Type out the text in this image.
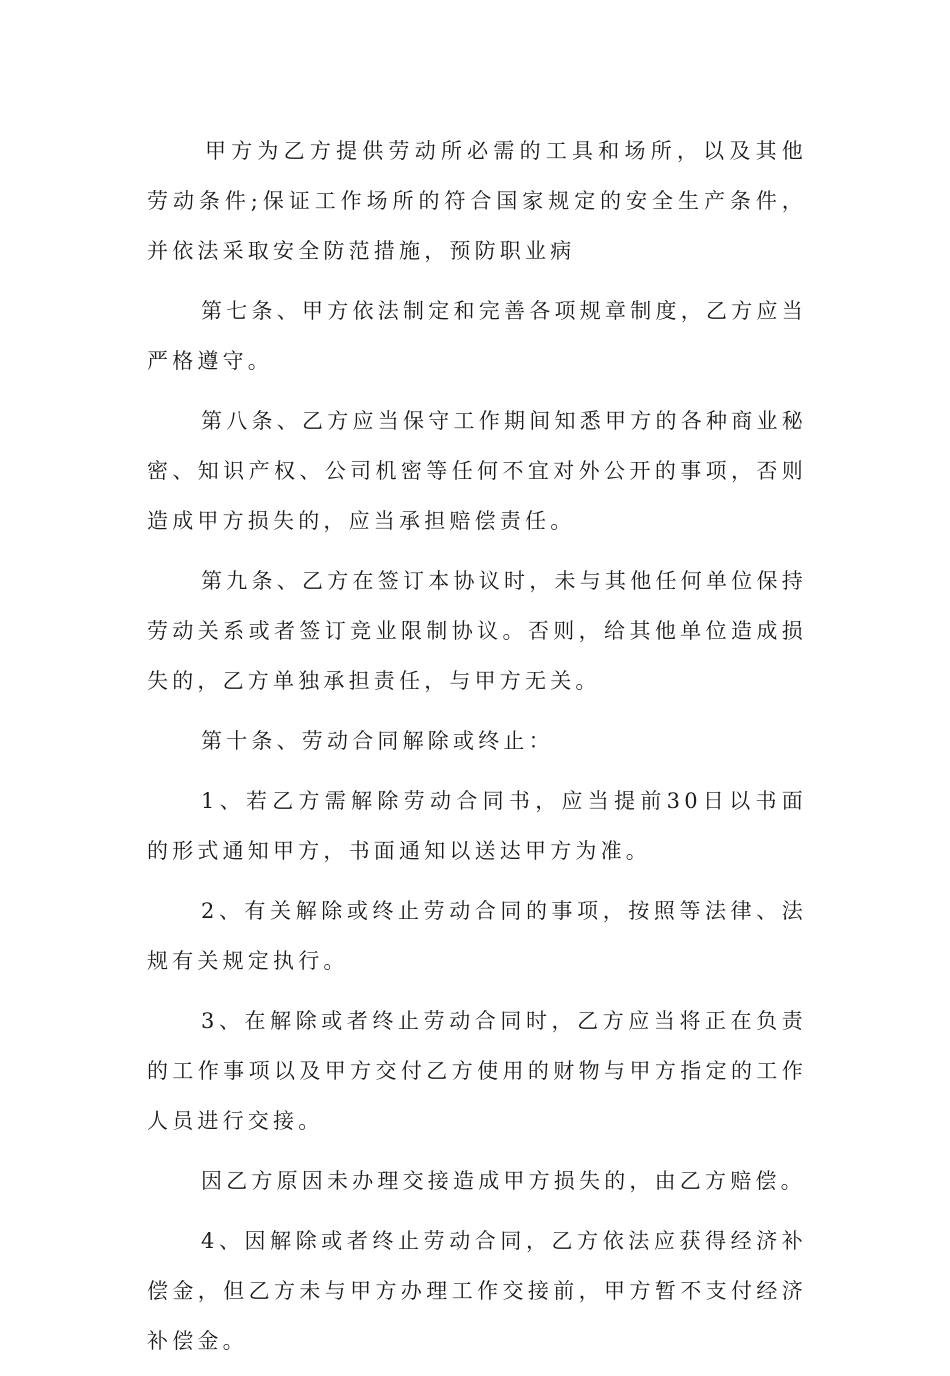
甲方为乙方提供劳动所必需的工具和场所，以及其他劳动条件;保证工作场所的符合国家规定的安全生产条件，并依法采取安全防范措施，预防职业病

第七条、甲方依法制定和完善各项规章制度，乙方应当严格遵守。

第八条、乙方应当保守工作期间知悉甲方的各种商业秘密、知识产权、公司机密等任何不宜对外公开的事项，否则造成甲方损失的，应当承担赔偿责任。

第九条、乙方在签订本协议时，未与其他任何单位保持劳动关系或者签订竞业限制协议。否则，给其他单位造成损失的，乙方单独承担责任，与甲方无关。

第十条、劳动合同解除或终止：

1、若乙方需解除劳动合同书，应当提前30日以书面的形式通知甲方，书面通知以送达甲方为准。

2、有关解除或终止劳动合同的事项，按照等法律、法规有关规定执行。

3、在解除或者终止劳动合同时，乙方应当将正在负责的工作事项以及甲方交付乙方使用的财物与甲方指定的工作人员进行交接。

因乙方原因未办理交接造成甲方损失的，由乙方赔偿。

4、因解除或者终止劳动合同，乙方依法应获得经济补偿金，但乙方未与甲方办理工作交接前，甲方暂不支付经济补偿金。
